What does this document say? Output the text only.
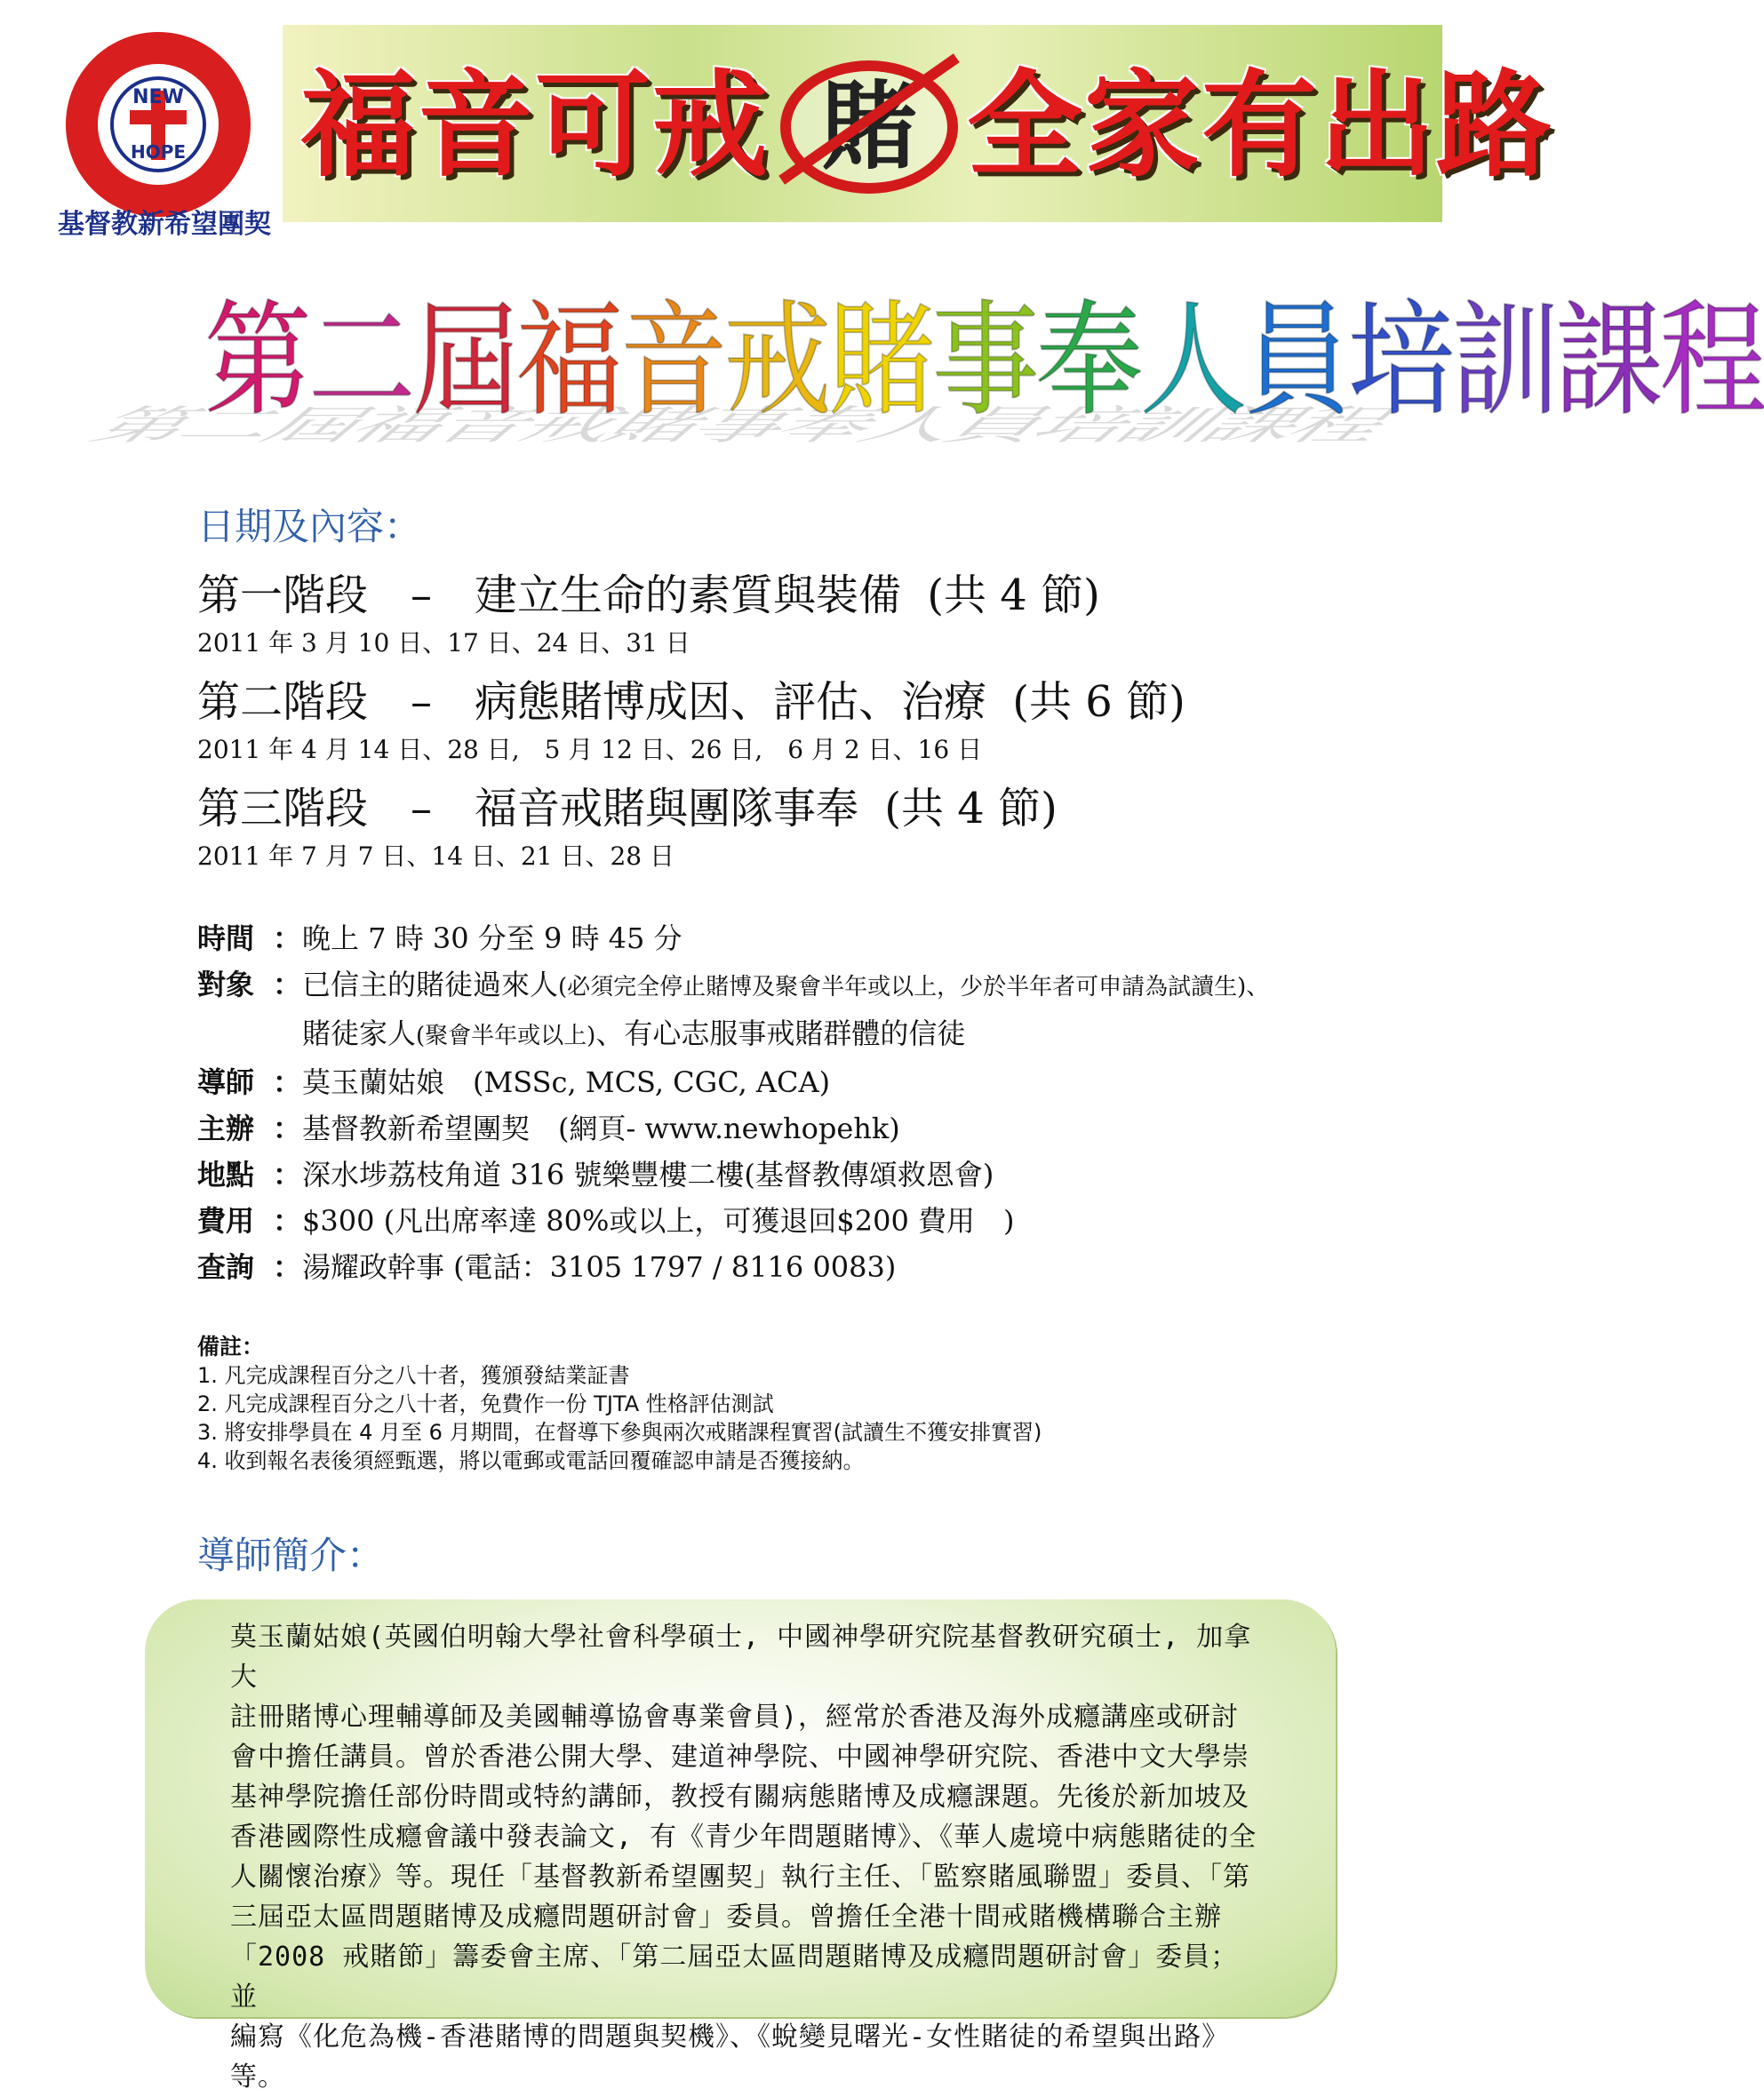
NEW
HOPE
基督教新希望團契
福音可戒 賭 全家有出路
第二屆福音戒賭事奉人員培訓課程
第二屆福音戒賭事奉人員培訓課程
日期及內容：
第一階段　–　建立生命的素質與裝備 (共 4 節)
2011 年 3 月 10 日、17 日、24 日、31 日
第二階段　–　病態賭博成因、評估、治療 (共 6 節)
2011 年 4 月 14 日、28 日,　5 月 12 日、26 日,　6 月 2 日、16 日
第三階段　–　福音戒賭與團隊事奉 (共 4 節)
2011 年 7 月 7 日、14 日、21 日、28 日
時間 ：晚上 7 時 30 分至 9 時 45 分
對象 ：已信主的賭徒過來人(必須完全停止賭博及聚會半年或以上，少於半年者可申請為試讀生)、
賭徒家人(聚會半年或以上)、有心志服事戒賭群體的信徒
導師 ：莫玉蘭姑娘　(MSSc, MCS, CGC, ACA)
主辦 ：基督教新希望團契　(網頁- www.newhopehk)
地點 ：深水埗荔枝角道 316 號樂豐樓二樓(基督教傳頌救恩會)
費用 ：$300 (凡出席率達 80%或以上，可獲退回$200 費用　)
查詢 ：湯耀政幹事 (電話：3105 1797 / 8116 0083)
備註：
1. 凡完成課程百分之八十者，獲頒發結業証書
2. 凡完成課程百分之八十者，免費作一份 TJTA 性格評估測試
3. 將安排學員在 4 月至 6 月期間，在督導下參與兩次戒賭課程實習(試讀生不獲安排實習)
4. 收到報名表後須經甄選，將以電郵或電話回覆確認申請是否獲接納。
導師簡介：
莫玉蘭姑娘(英國伯明翰大學社會科學碩士, 中國神學研究院基督教研究碩士, 加拿大
註冊賭博心理輔導師及美國輔導協會專業會員)，經常於香港及海外成癮講座或研討
會中擔任講員。曾於香港公開大學、建道神學院、中國神學研究院、香港中文大學崇
基神學院擔任部份時間或特約講師，教授有關病態賭博及成癮課題。先後於新加坡及
香港國際性成癮會議中發表論文, 有《青少年問題賭博》、《華人處境中病態賭徒的全
人關懷治療》等。現任「基督教新希望團契」執行主任、「監察賭風聯盟」委員、「第
三屆亞太區問題賭博及成癮問題研討會」委員。曾擔任全港十間戒賭機構聯合主辦
「2008 戒賭節」籌委會主席、「第二屆亞太區問題賭博及成癮問題研討會」委員；並
編寫《化危為機-香港賭博的問題與契機》、《蛻變見曙光-女性賭徒的希望與出路》等。
